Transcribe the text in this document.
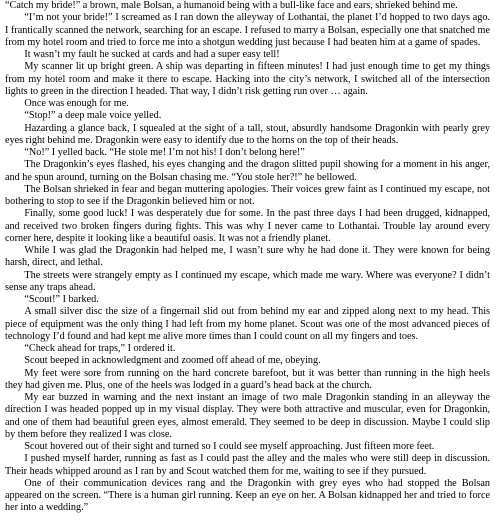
“Catch my bride!” a brown, male Bolsan, a humanoid being with a bull-like face and ears, shrieked behind me.

“I’m not your bride!” I screamed as I ran down the alleyway of Lothantai, the planet I’d hopped to two days ago. I frantically scanned the network, searching for an escape. I refused to marry a Bolsan, especially one that snatched me from my hotel room and tried to force me into a shotgun wedding just because I had beaten him at a game of spades.

It wasn’t my fault he sucked at cards and had a super easy tell!

My scanner lit up bright green. A ship was departing in fifteen minutes! I had just enough time to get my things from my hotel room and make it there to escape. Hacking into the city’s network, I switched all of the intersection lights to green in the direction I headed. That way, I didn’t risk getting run over … again.

Once was enough for me.

“Stop!” a deep male voice yelled.

Hazarding a glance back, I squealed at the sight of a tall, stout, absurdly handsome Dragonkin with pearly grey eyes right behind me. Dragonkin were easy to identify due to the horns on the top of their heads.

“No!” I yelled back. “He stole me! I’m not his! I don’t belong here!”

The Dragonkin’s eyes flashed, his eyes changing and the dragon slitted pupil showing for a moment in his anger, and he spun around, turning on the Bolsan chasing me. “You stole her?!” he bellowed.

The Bolsan shrieked in fear and began muttering apologies. Their voices grew faint as I continued my escape, not bothering to stop to see if the Dragonkin believed him or not.

Finally, some good luck! I was desperately due for some. In the past three days I had been drugged, kidnapped, and received two broken fingers during fights. This was why I never came to Lothantai. Trouble lay around every corner here, despite it looking like a beautiful oasis. It was not a friendly planet.

While I was glad the Dragonkin had helped me, I wasn’t sure why he had done it. They were known for being harsh, direct, and lethal.

The streets were strangely empty as I continued my escape, which made me wary. Where was everyone? I didn’t sense any traps ahead.

“Scout!” I barked.

A small silver disc the size of a fingernail slid out from behind my ear and zipped along next to my head. This piece of equipment was the only thing I had left from my home planet. Scout was one of the most advanced pieces of technology I’d found and had kept me alive more times than I could count on all my fingers and toes.

“Check ahead for traps,” I ordered it.

Scout beeped in acknowledgment and zoomed off ahead of me, obeying.

My feet were sore from running on the hard concrete barefoot, but it was better than running in the high heels they had given me. Plus, one of the heels was lodged in a guard’s head back at the church.

My ear buzzed in warning and the next instant an image of two male Dragonkin standing in an alleyway the direction I was headed popped up in my visual display. They were both attractive and muscular, even for Dragonkin, and one of them had beautiful green eyes, almost emerald. They seemed to be deep in discussion. Maybe I could slip by them before they realized I was close.

Scout hovered out of their sight and turned so I could see myself approaching. Just fifteen more feet.

I pushed myself harder, running as fast as I could past the alley and the males who were still deep in discussion. Their heads whipped around as I ran by and Scout watched them for me, waiting to see if they pursued.

One of their communication devices rang and the Dragonkin with grey eyes who had stopped the Bolsan appeared on the screen. “There is a human girl running. Keep an eye on her. A Bolsan kidnapped her and tried to force her into a wedding.”
